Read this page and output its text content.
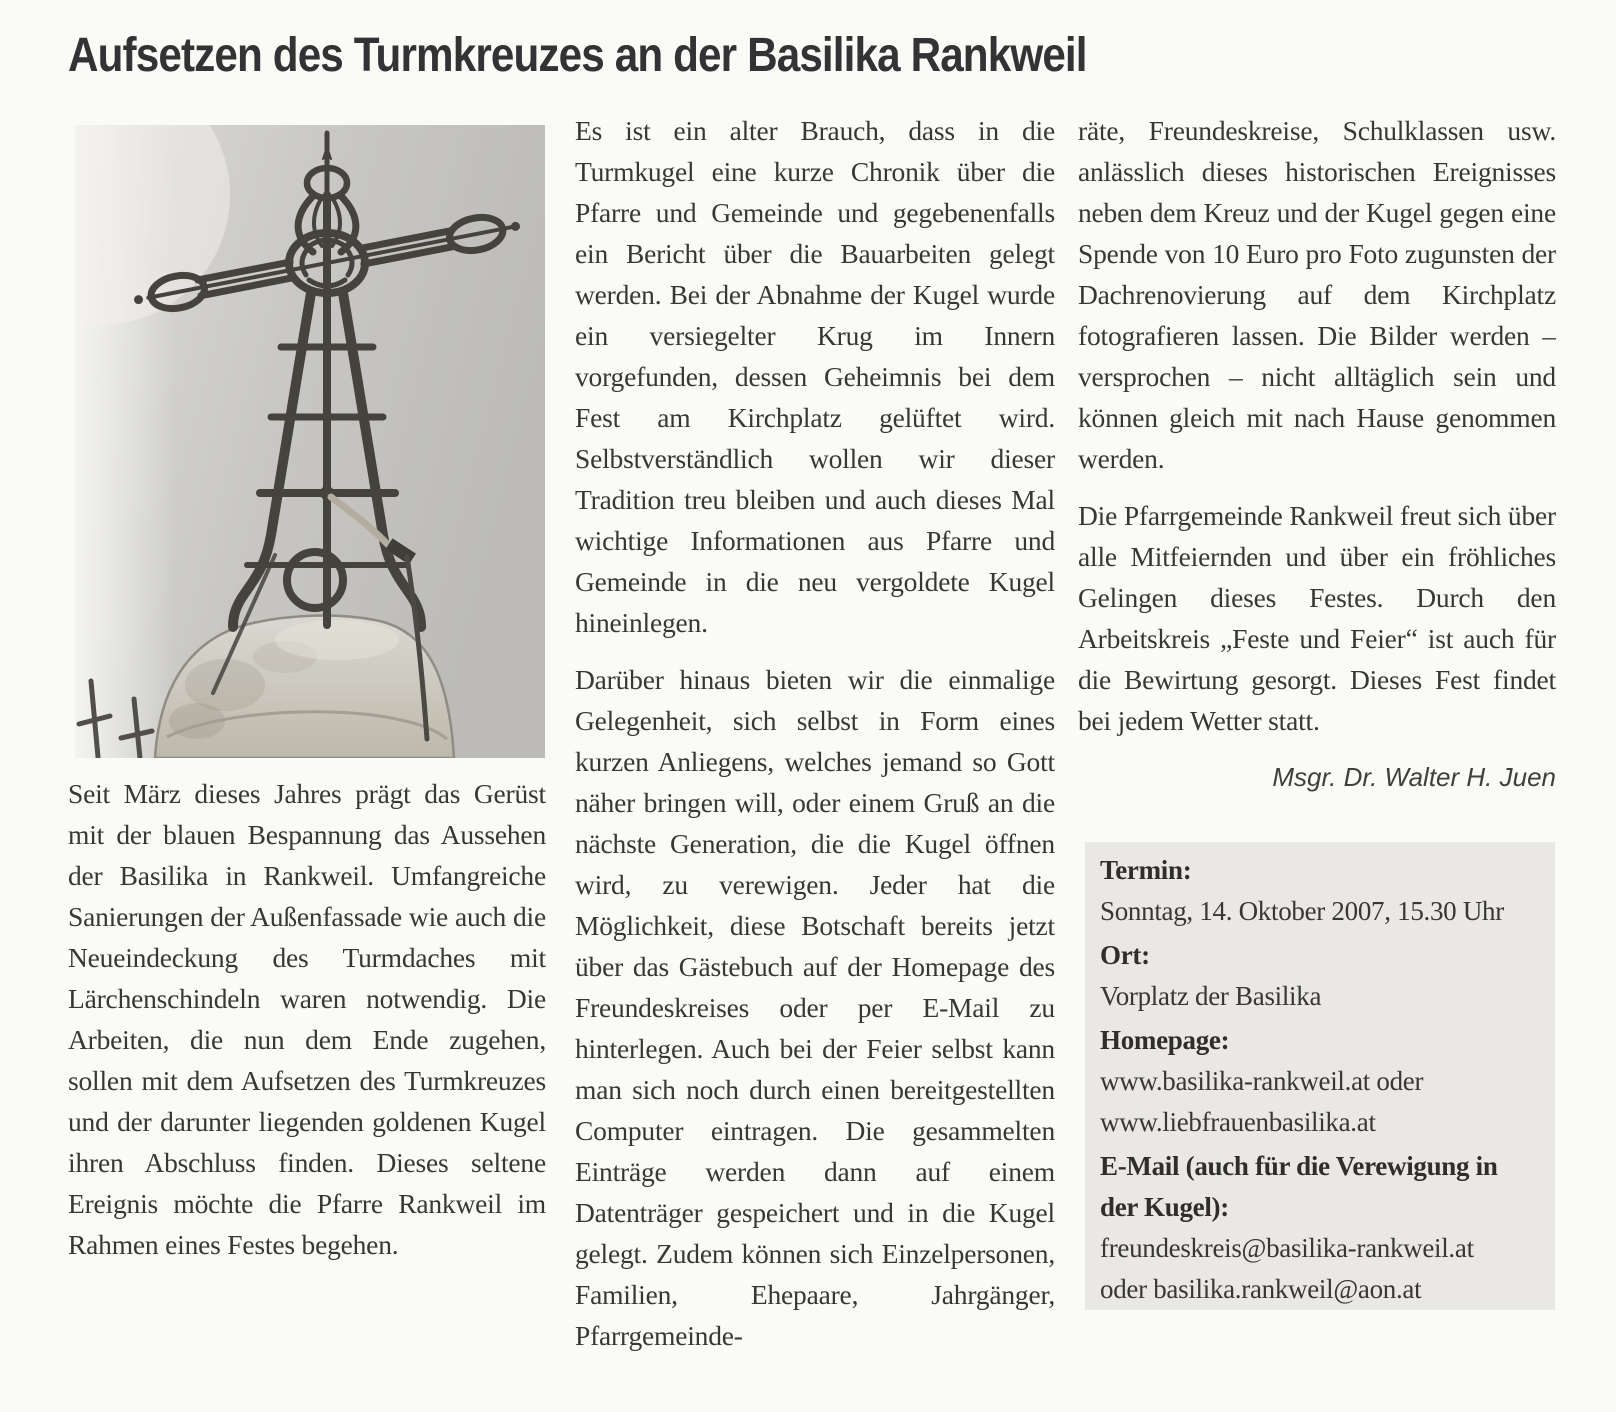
Aufsetzen des Turmkreuzes an der Basilika Rankweil
Seit März dieses Jahres prägt das Gerüst mit der blauen Bespannung das Aussehen der Basilika in Rankweil. Umfangreiche Sanierungen der Außenfassade wie auch die Neueindeckung des Turmdaches mit Lärchenschindeln waren notwendig. Die Arbeiten, die nun dem Ende zugehen, sollen mit dem Aufsetzen des Turmkreuzes und der darunter liegenden goldenen Kugel ihren Abschluss finden. Dieses seltene Ereignis möchte die Pfarre Rankweil im Rahmen eines Festes begehen.

Es ist ein alter Brauch, dass in die Turmkugel eine kurze Chronik über die Pfarre und Gemeinde und gegebenenfalls ein Bericht über die Bauarbeiten gelegt werden. Bei der Abnahme der Kugel wurde ein versiegelter Krug im Innern vorgefunden, dessen Geheimnis bei dem Fest am Kirchplatz gelüftet wird. Selbstverständlich wollen wir dieser Tradition treu bleiben und auch dieses Mal wichtige Informationen aus Pfarre und Gemeinde in die neu vergoldete Kugel hineinlegen.

Darüber hinaus bieten wir die einmalige Gelegenheit, sich selbst in Form eines kurzen Anliegens, welches jemand so Gott näher bringen will, oder einem Gruß an die nächste Generation, die die Kugel öffnen wird, zu verewigen. Jeder hat die Möglichkeit, diese Botschaft bereits jetzt über das Gästebuch auf der Homepage des Freundeskreises oder per E-Mail zu hinterlegen. Auch bei der Feier selbst kann man sich noch durch einen bereitgestellten Computer eintragen. Die gesammelten Einträge werden dann auf einem Datenträger gespeichert und in die Kugel gelegt. Zudem können sich Einzelpersonen, Familien, Ehepaare, Jahrgänger, Pfarrgemeinde-

räte, Freundeskreise, Schulklassen usw. anlässlich dieses historischen Ereignisses neben dem Kreuz und der Kugel gegen eine Spende von 10 Euro pro Foto zugunsten der Dachrenovierung auf dem Kirchplatz fotografieren lassen. Die Bilder werden – versprochen – nicht alltäglich sein und können gleich mit nach Hause genommen werden.

Die Pfarrgemeinde Rankweil freut sich über alle Mitfeiernden und über ein fröhliches Gelingen dieses Festes. Durch den Arbeitskreis „Feste und Feier“ ist auch für die Bewirtung gesorgt. Dieses Fest findet bei jedem Wetter statt.

Msgr. Dr. Walter H. Juen
Termin:
Sonntag, 14. Oktober 2007, 15.30 Uhr
Ort:
Vorplatz der Basilika
Homepage:
www.basilika-rankweil.at oder
www.liebfrauenbasilika.at
E-Mail (auch für die Verewigung in der Kugel):
freundeskreis@basilika-rankweil.at
oder basilika.rankweil@aon.at
